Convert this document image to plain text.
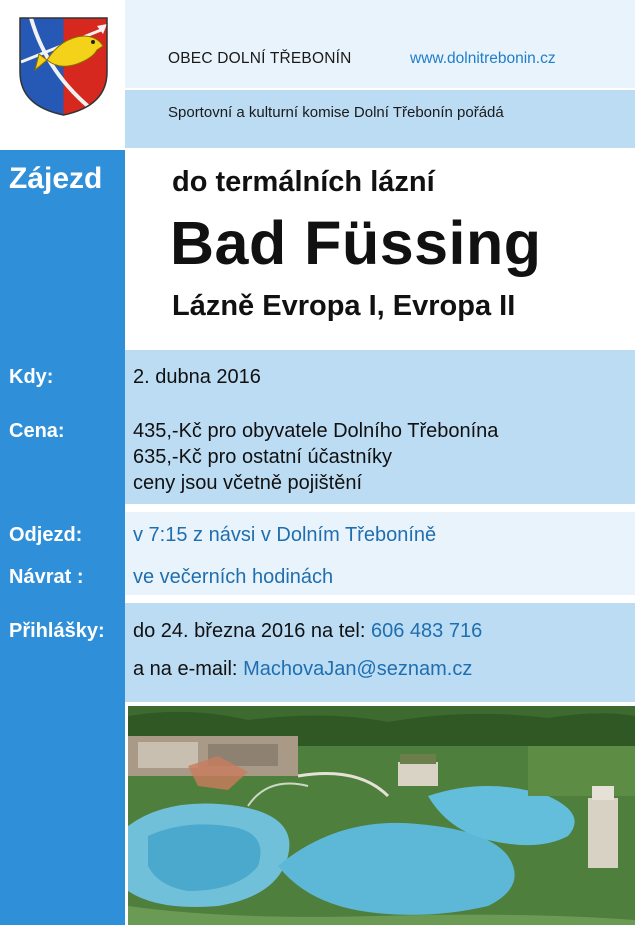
OBEC DOLNÍ TŘEBONÍN	www.dolnitrebonin.cz
Sportovní a kulturní komise Dolní Třebonín pořádá
Zájezd do termálních lázní
Bad Füssing
Lázně Evropa I, Evropa II
Kdy:	2. dubna 2016
Cena:	435,-Kč pro obyvatele Dolního Třebonína
635,-Kč pro ostatní účastníky
ceny jsou včetně pojištění
Odjezd:	v 7:15 z návsi v Dolním Třeboníně
Návrat : ve večerních hodinách
Přihlášky: do 24. března 2016 na tel: 606 483 716
a na e-mail: MachovaJan@seznam.cz
